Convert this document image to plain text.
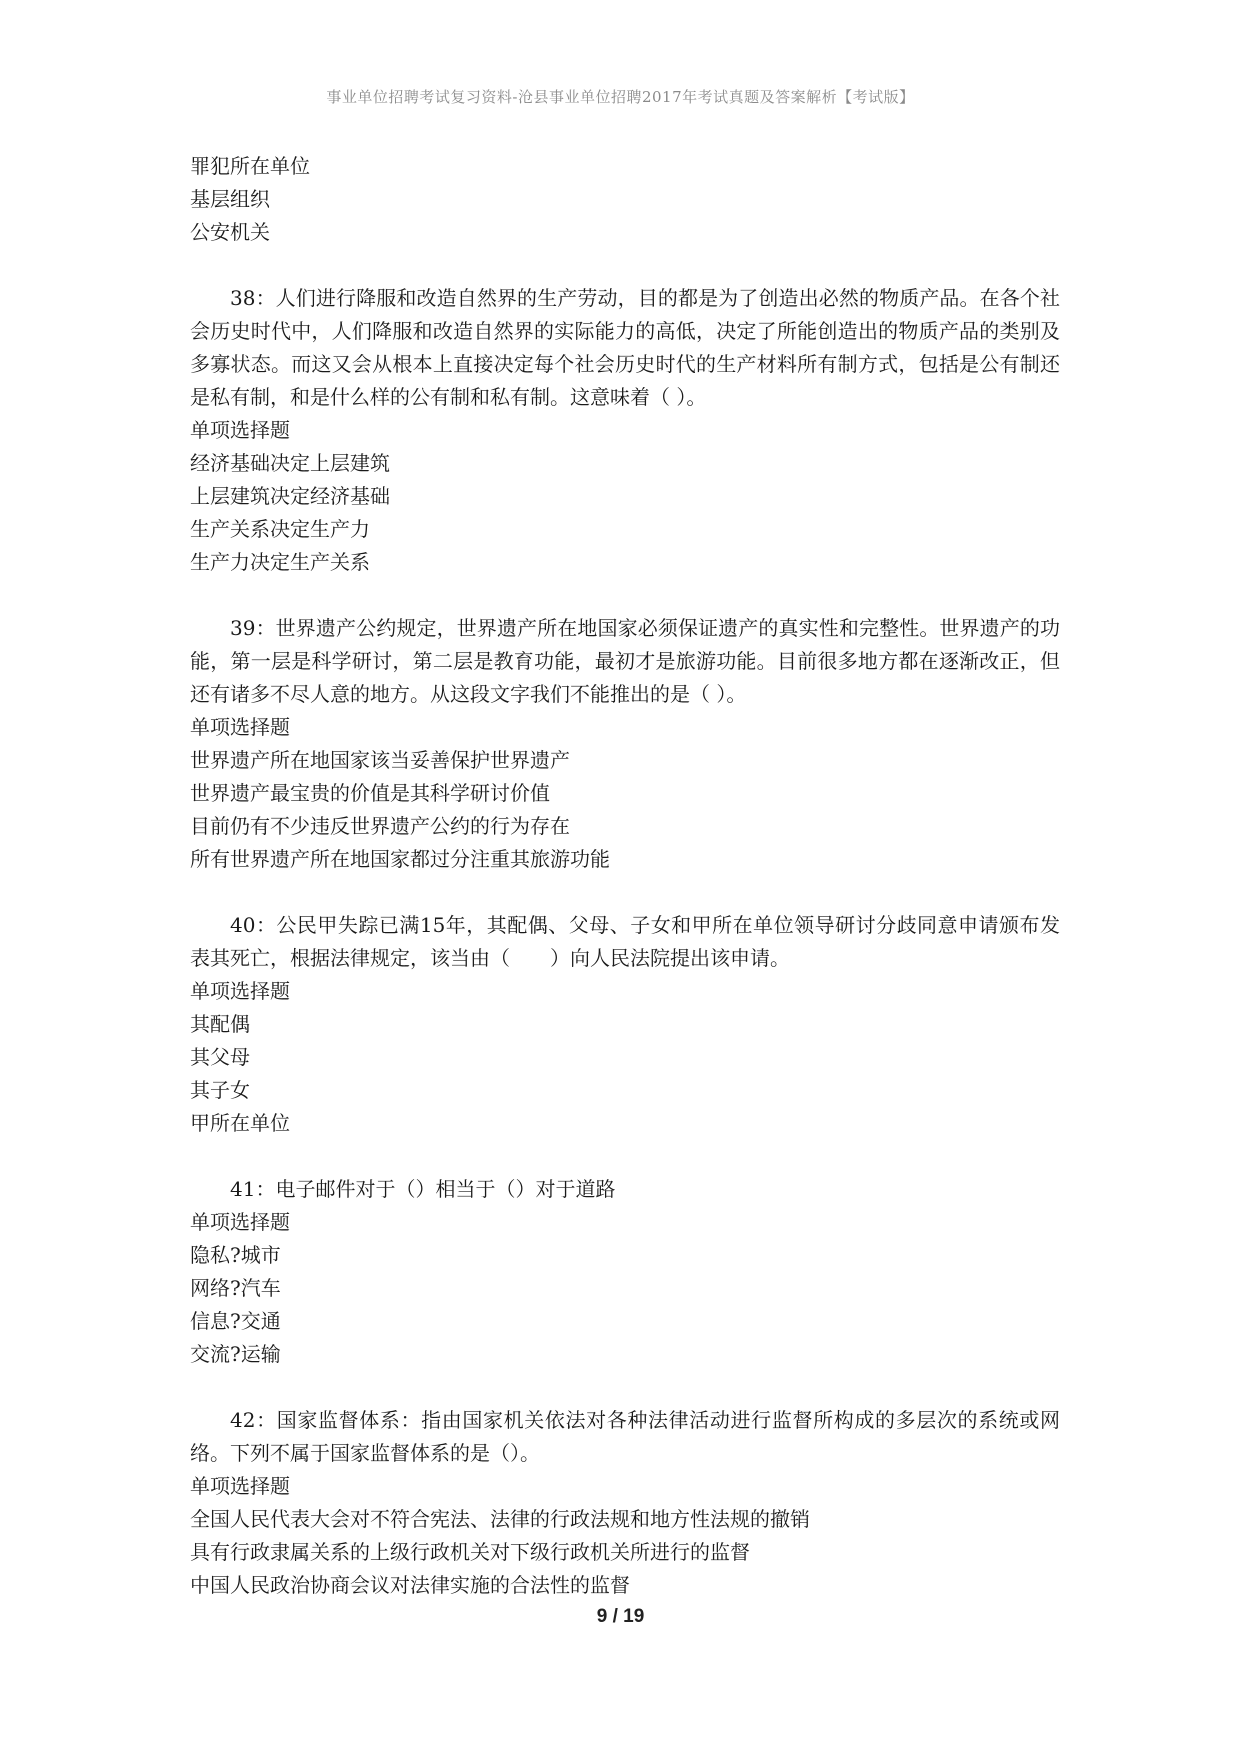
事业单位招聘考试复习资料-沧县事业单位招聘2017年考试真题及答案解析【考试版】
罪犯所在单位
基层组织
公安机关
38：人们进行降服和改造自然界的生产劳动，目的都是为了创造出必然的物质产品。在各个社会历史时代中，人们降服和改造自然界的实际能力的高低，决定了所能创造出的物质产品的类别及多寡状态。而这又会从根本上直接决定每个社会历史时代的生产材料所有制方式，包括是公有制还是私有制，和是什么样的公有制和私有制。这意味着（ ）。
单项选择题
经济基础决定上层建筑
上层建筑决定经济基础
生产关系决定生产力
生产力决定生产关系
39：世界遗产公约规定，世界遗产所在地国家必须保证遗产的真实性和完整性。世界遗产的功能，第一层是科学研讨，第二层是教育功能，最初才是旅游功能。目前很多地方都在逐渐改正，但还有诸多不尽人意的地方。从这段文字我们不能推出的是（ ）。
单项选择题
世界遗产所在地国家该当妥善保护世界遗产
世界遗产最宝贵的价值是其科学研讨价值
目前仍有不少违反世界遗产公约的行为存在
所有世界遗产所在地国家都过分注重其旅游功能
40：公民甲失踪已满15年，其配偶、父母、子女和甲所在单位领导研讨分歧同意申请颁布发表其死亡，根据法律规定，该当由（　　）向人民法院提出该申请。
单项选择题
其配偶
其父母
其子女
甲所在单位
41：电子邮件对于（）相当于（）对于道路
单项选择题
隐私?城市
网络?汽车
信息?交通
交流?运输
42：国家监督体系：指由国家机关依法对各种法律活动进行监督所构成的多层次的系统或网络。下列不属于国家监督体系的是（）。
单项选择题
全国人民代表大会对不符合宪法、法律的行政法规和地方性法规的撤销
具有行政隶属关系的上级行政机关对下级行政机关所进行的监督
中国人民政治协商会议对法律实施的合法性的监督
9 / 19
